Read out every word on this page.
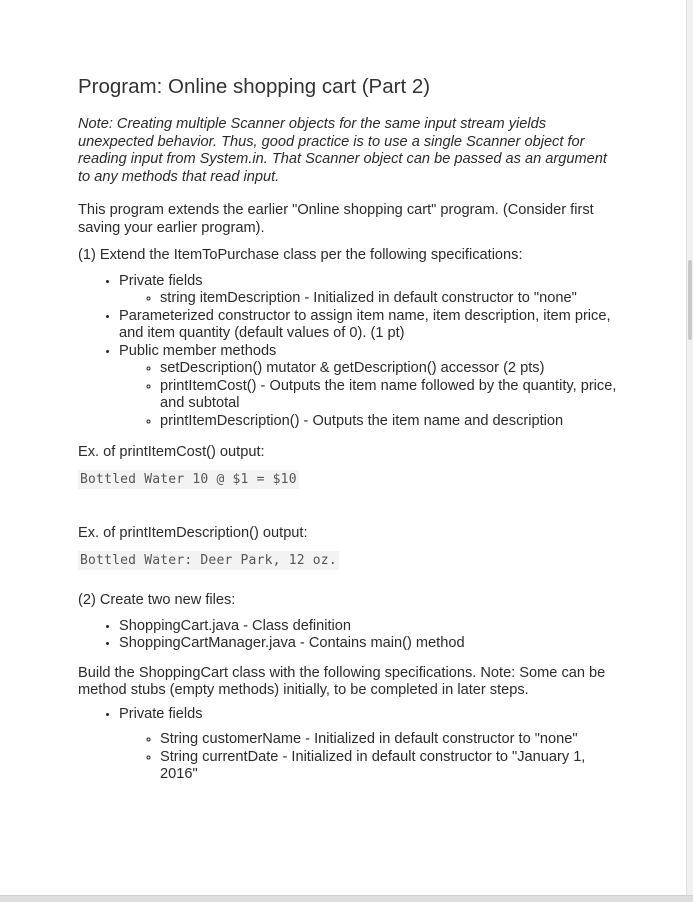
Program: Online shopping cart (Part 2)

Note: Creating multiple Scanner objects for the same input stream yields unexpected behavior. Thus, good practice is to use a single Scanner object for reading input from System.in. That Scanner object can be passed as an argument to any methods that read input.

This program extends the earlier "Online shopping cart" program. (Consider first saving your earlier program).

(1) Extend the ItemToPurchase class per the following specifications:

• Private fields
◦ string itemDescription - Initialized in default constructor to "none"
• Parameterized constructor to assign item name, item description, item price, and item quantity (default values of 0). (1 pt)
• Public member methods
◦ setDescription() mutator & getDescription() accessor (2 pts)
◦ printItemCost() - Outputs the item name followed by the quantity, price, and subtotal
◦ printItemDescription() - Outputs the item name and description

Ex. of printItemCost() output:

Bottled Water 10 @ $1 = $10

Ex. of printItemDescription() output:

Bottled Water: Deer Park, 12 oz.

(2) Create two new files:

• ShoppingCart.java - Class definition
• ShoppingCartManager.java - Contains main() method

Build the ShoppingCart class with the following specifications. Note: Some can be method stubs (empty methods) initially, to be completed in later steps.

• Private fields
◦ String customerName - Initialized in default constructor to "none"
◦ String currentDate - Initialized in default constructor to "January 1, 2016"
